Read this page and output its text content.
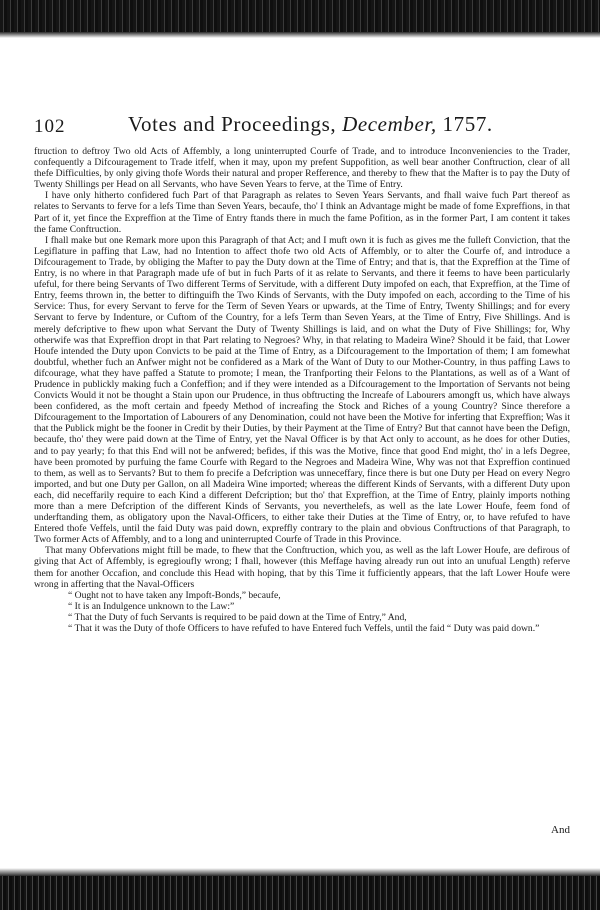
102	Votes and Proceedings, December, 1757.

ftruction to deftroy Two old Acts of Affembly, a long uninterrupted Courfe of Trade, and to introduce Inconveniencies to the Trader, confequently a Difcouragement to Trade itfelf, when it may, upon my prefent Suppofition, as well bear another Conftruction, clear of all thefe Difficulties, by only giving thofe Words their natural and proper Refference, and thereby to fhew that the Mafter is to pay the Duty of Twenty Shillings per Head on all Servants, who have Seven Years to ferve, at the Time of Entry.

I have only hitherto confidered fuch Part of that Paragraph as relates to Seven Years Servants, and fhall waive fuch Part thereof as relates to Servants to ferve for a lefs Time than Seven Years, becaufe, tho' I think an Advantage might be made of fome Expreffions, in that Part of it, yet fince the Expreffion at the Time of Entry ftands there in much the fame Pofition, as in the former Part, I am content it takes the fame Conftruction.

I fhall make but one Remark more upon this Paragraph of that Act; and I muft own it is fuch as gives me the fulleft Conviction, that the Legiflature in paffing that Law, had no Intention to affect thofe two old Acts of Affembly, or to alter the Courfe of, and introduce a Difcouragement to Trade, by obliging the Mafter to pay the Duty down at the Time of Entry; and that is, that the Expreffion at the Time of Entry, is no where in that Paragraph made ufe of but in fuch Parts of it as relate to Servants, and there it feems to have been particularly ufeful, for there being Servants of Two different Terms of Servitude, with a different Duty impofed on each, that Expreffion, at the Time of Entry, feems thrown in, the better to diftinguifh the Two Kinds of Servants, with the Duty impofed on each, according to the Time of his Service: Thus, for every Servant to ferve for the Term of Seven Years or upwards, at the Time of Entry, Twenty Shillings; and for every Servant to ferve by Indenture, or Cuftom of the Country, for a lefs Term than Seven Years, at the Time of Entry, Five Shillings. And is merely defcriptive to fhew upon what Servant the Duty of Twenty Shillings is laid, and on what the Duty of Five Shillings; for, Why otherwife was that Expreffion dropt in that Part relating to Negroes? Why, in that relating to Madeira Wine? Should it be faid, that Lower Houfe intended the Duty upon Convicts to be paid at the Time of Entry, as a Difcouragement to the Importation of them; I am fomewhat doubtful, whether fuch an Anfwer might not be confidered as a Mark of the Want of Duty to our Mother-Country, in thus paffing Laws to difcourage, what they have paffed a Statute to promote; I mean, the Tranfporting their Felons to the Plantations, as well as of a Want of Prudence in publickly making fuch a Confeffion; and if they were intended as a Difcouragement to the Importation of Servants not being Convicts Would it not be thought a Stain upon our Prudence, in thus obftructing the Increafe of Labourers amongft us, which have always been confidered, as the moft certain and fpeedy Method of increafing the Stock and Riches of a young Country? Since therefore a Difcouragement to the Importation of Labourers of any Denomination, could not have been the Motive for inferting that Expreffion; Was it that the Publick might be the fooner in Credit by their Duties, by their Payment at the Time of Entry? But that cannot have been the Defign, becaufe, tho' they were paid down at the Time of Entry, yet the Naval Officer is by that Act only to account, as he does for other Duties, and to pay yearly; fo that this End will not be anfwered; befides, if this was the Motive, fince that good End might, tho' in a lefs Degree, have been promoted by purfuing the fame Courfe with Regard to the Negroes and Madeira Wine, Why was not that Expreffion continued to them, as well as to Servants? But to them fo precife a Defcription was unneceffary, fince there is but one Duty per Head on every Negro imported, and but one Duty per Gallon, on all Madeira Wine imported; whereas the different Kinds of Servants, with a different Duty upon each, did neceffarily require to each Kind a different Defcription; but tho' that Expreffion, at the Time of Entry, plainly imports nothing more than a mere Defcription of the different Kinds of Servants, you neverthelefs, as well as the late Lower Houfe, feem fond of underftanding them, as obligatory upon the Naval-Officers, to either take their Duties at the Time of Entry, or, to have refufed to have Entered thofe Veffels, until the faid Duty was paid down, expreffly contrary to the plain and obvious Conftructions of that Paragraph, to Two former Acts of Affembly, and to a long and uninterrupted Courfe of Trade in this Province.

That many Obfervations might ftill be made, to fhew that the Conftruction, which you, as well as the laft Lower Houfe, are defirous of giving that Act of Affembly, is egregioufly wrong; I fhall, however (this Meffage having already run out into an unufual Length) referve them for another Occafion, and conclude this Head with hoping, that by this Time it fufficiently appears, that the laft Lower Houfe were wrong in afferting that the Naval-Officers

“ Ought not to have taken any Impoft-Bonds,” becaufe,

“ It is an Indulgence unknown to the Law:”

“ That the Duty of fuch Servants is required to be paid down at the Time of Entry,” And,

“ That it was the Duty of thofe Officers to have refufed to have Entered fuch Veffels, until the faid “ Duty was paid down.”

And
